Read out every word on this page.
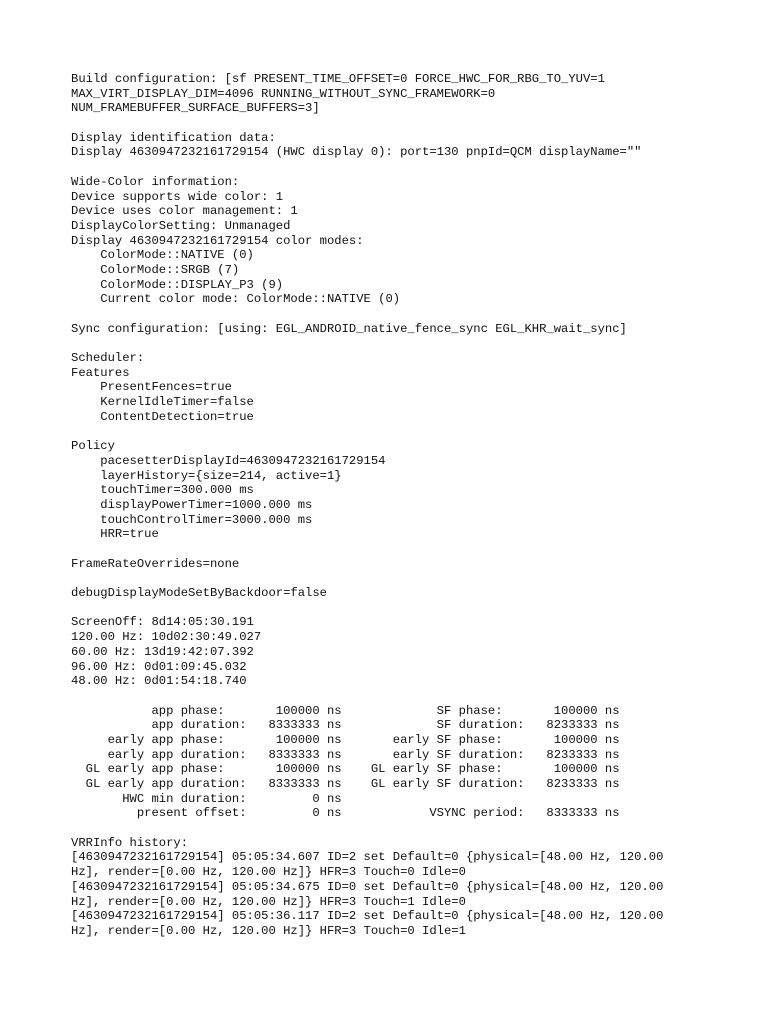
Build configuration: [sf PRESENT_TIME_OFFSET=0 FORCE_HWC_FOR_RBG_TO_YUV=1
MAX_VIRT_DISPLAY_DIM=4096 RUNNING_WITHOUT_SYNC_FRAMEWORK=0
NUM_FRAMEBUFFER_SURFACE_BUFFERS=3]
Display identification data:
Display 4630947232161729154 (HWC display 0): port=130 pnpId=QCM displayName=""
Wide-Color information:
Device supports wide color: 1
Device uses color management: 1
DisplayColorSetting: Unmanaged
Display 4630947232161729154 color modes:
ColorMode::NATIVE (0)
ColorMode::SRGB (7)
ColorMode::DISPLAY_P3 (9)
Current color mode: ColorMode::NATIVE (0)
Sync configuration: [using: EGL_ANDROID_native_fence_sync EGL_KHR_wait_sync]
Scheduler:
Features
PresentFences=true
KernelIdleTimer=false
ContentDetection=true
Policy
pacesetterDisplayId=4630947232161729154
layerHistory={size=214, active=1}
touchTimer=300.000 ms
displayPowerTimer=1000.000 ms
touchControlTimer=3000.000 ms
HRR=true
FrameRateOverrides=none
debugDisplayModeSetByBackdoor=false
ScreenOff: 8d14:05:30.191
120.00 Hz: 10d02:30:49.027
60.00 Hz: 13d19:42:07.392
96.00 Hz: 0d01:09:45.032
48.00 Hz: 0d01:54:18.740
app phase:       100000 ns             SF phase:       100000 ns
app duration:   8333333 ns             SF duration:   8233333 ns
early app phase:       100000 ns       early SF phase:       100000 ns
early app duration:   8333333 ns       early SF duration:   8233333 ns
GL early app phase:       100000 ns    GL early SF phase:       100000 ns
GL early app duration:   8333333 ns    GL early SF duration:   8233333 ns
HWC min duration:         0 ns
present offset:         0 ns            VSYNC period:   8333333 ns
VRRInfo history:
[4630947232161729154] 05:05:34.607 ID=2 set Default=0 {physical=[48.00 Hz, 120.00
Hz], render=[0.00 Hz, 120.00 Hz]} HFR=3 Touch=0 Idle=0
[4630947232161729154] 05:05:34.675 ID=0 set Default=0 {physical=[48.00 Hz, 120.00
Hz], render=[0.00 Hz, 120.00 Hz]} HFR=3 Touch=1 Idle=0
[4630947232161729154] 05:05:36.117 ID=2 set Default=0 {physical=[48.00 Hz, 120.00
Hz], render=[0.00 Hz, 120.00 Hz]} HFR=3 Touch=0 Idle=1
